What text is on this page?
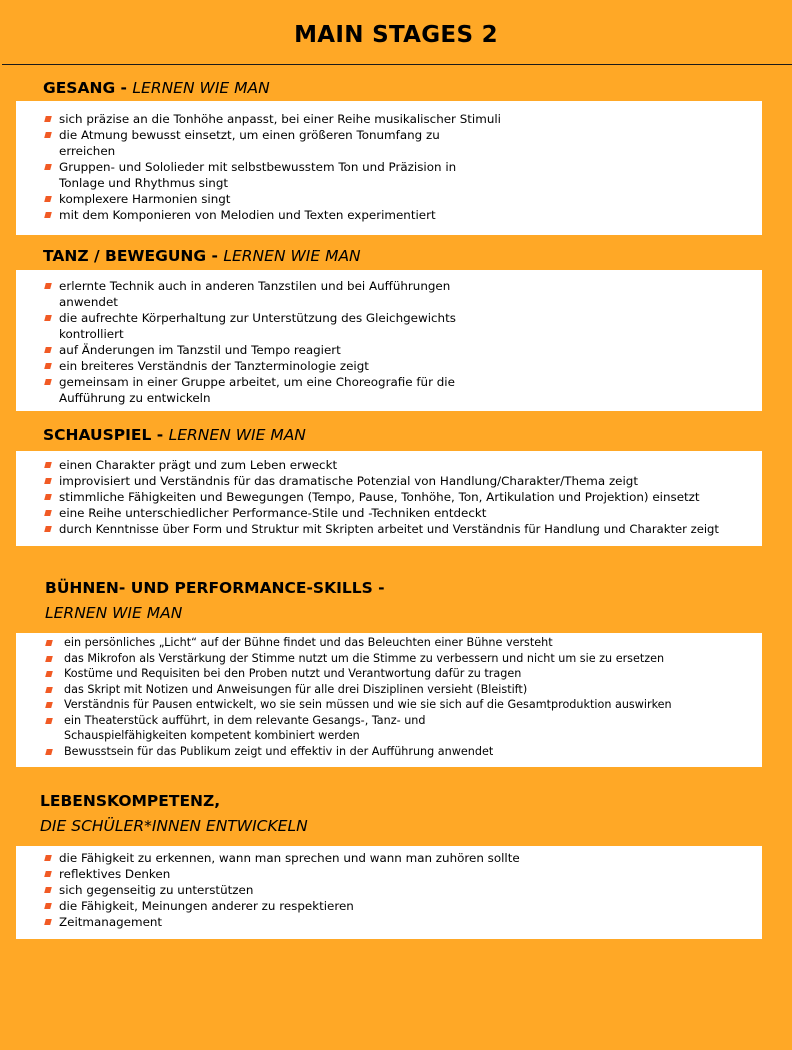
MAIN STAGES 2
GESANG - LERNEN WIE MAN
sich präzise an die Tonhöhe anpasst, bei einer Reihe musikalischer Stimuli
die Atmung bewusst einsetzt, um einen größeren Tonumfang zu
erreichen
Gruppen- und Sololieder mit selbstbewusstem Ton und Präzision in
Tonlage und Rhythmus singt
komplexere Harmonien singt
mit dem Komponieren von Melodien und Texten experimentiert
TANZ / BEWEGUNG - LERNEN WIE MAN
erlernte Technik auch in anderen Tanzstilen und bei Aufführungen
anwendet
die aufrechte Körperhaltung zur Unterstützung des Gleichgewichts
kontrolliert
auf Änderungen im Tanzstil und Tempo reagiert
ein breiteres Verständnis der Tanzterminologie zeigt
gemeinsam in einer Gruppe arbeitet, um eine Choreografie für die
Aufführung zu entwickeln
SCHAUSPIEL - LERNEN WIE MAN
einen Charakter prägt und zum Leben erweckt
improvisiert und Verständnis für das dramatische Potenzial von Handlung/Charakter/Thema zeigt
stimmliche Fähigkeiten und Bewegungen (Tempo, Pause, Tonhöhe, Ton, Artikulation und Projektion) einsetzt
eine Reihe unterschiedlicher Performance-Stile und -Techniken entdeckt
durch Kenntnisse über Form und Struktur mit Skripten arbeitet und Verständnis für Handlung und Charakter zeigt
BÜHNEN- UND PERFORMANCE-SKILLS -
LERNEN WIE MAN
ein persönliches „Licht“ auf der Bühne findet und das Beleuchten einer Bühne versteht
das Mikrofon als Verstärkung der Stimme nutzt um die Stimme zu verbessern und nicht um sie zu ersetzen
Kostüme und Requisiten bei den Proben nutzt und Verantwortung dafür zu tragen
das Skript mit Notizen und Anweisungen für alle drei Disziplinen versieht (Bleistift)
Verständnis für Pausen entwickelt, wo sie sein müssen und wie sie sich auf die Gesamtproduktion auswirken
ein Theaterstück aufführt, in dem relevante Gesangs-, Tanz- und
Schauspielfähigkeiten kompetent kombiniert werden
Bewusstsein für das Publikum zeigt und effektiv in der Aufführung anwendet
LEBENSKOMPETENZ,
DIE SCHÜLER*INNEN ENTWICKELN
die Fähigkeit zu erkennen, wann man sprechen und wann man zuhören sollte
reflektives Denken
sich gegenseitig zu unterstützen
die Fähigkeit, Meinungen anderer zu respektieren
Zeitmanagement
